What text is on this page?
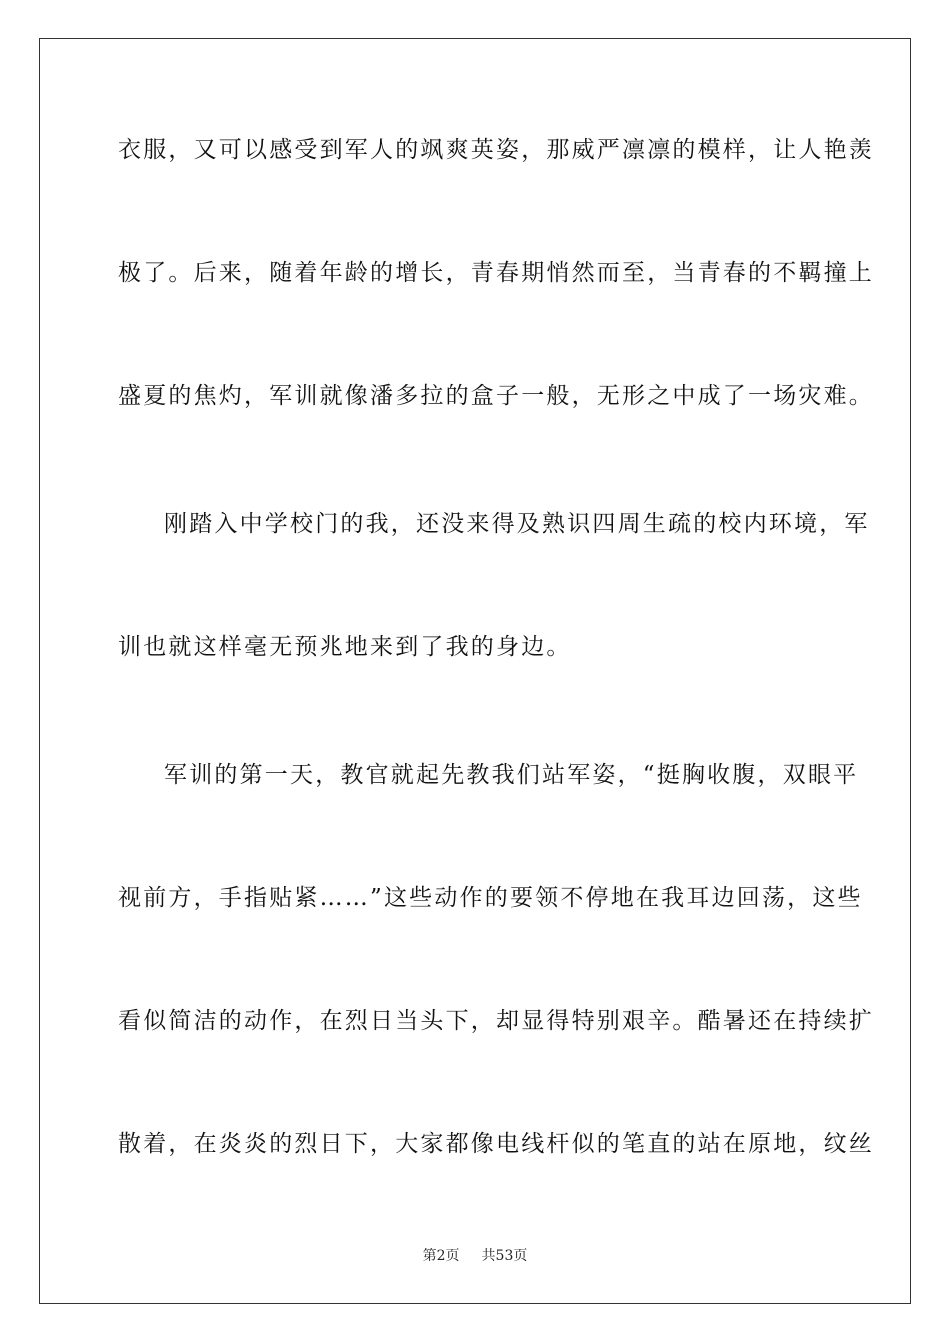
衣服，又可以感受到军人的飒爽英姿，那威严凛凛的模样，让人艳羡
极了。后来，随着年龄的增长，青春期悄然而至，当青春的不羁撞上
盛夏的焦灼，军训就像潘多拉的盒子一般，无形之中成了一场灾难。
刚踏入中学校门的我，还没来得及熟识四周生疏的校内环境，军
训也就这样毫无预兆地来到了我的身边。
军训的第一天，教官就起先教我们站军姿，“挺胸收腹，双眼平
视前方，手指贴紧……”这些动作的要领不停地在我耳边回荡，这些
看似简洁的动作，在烈日当头下，却显得特别艰辛。酷暑还在持续扩
散着，在炎炎的烈日下，大家都像电线杆似的笔直的站在原地，纹丝
第2页 共53页
